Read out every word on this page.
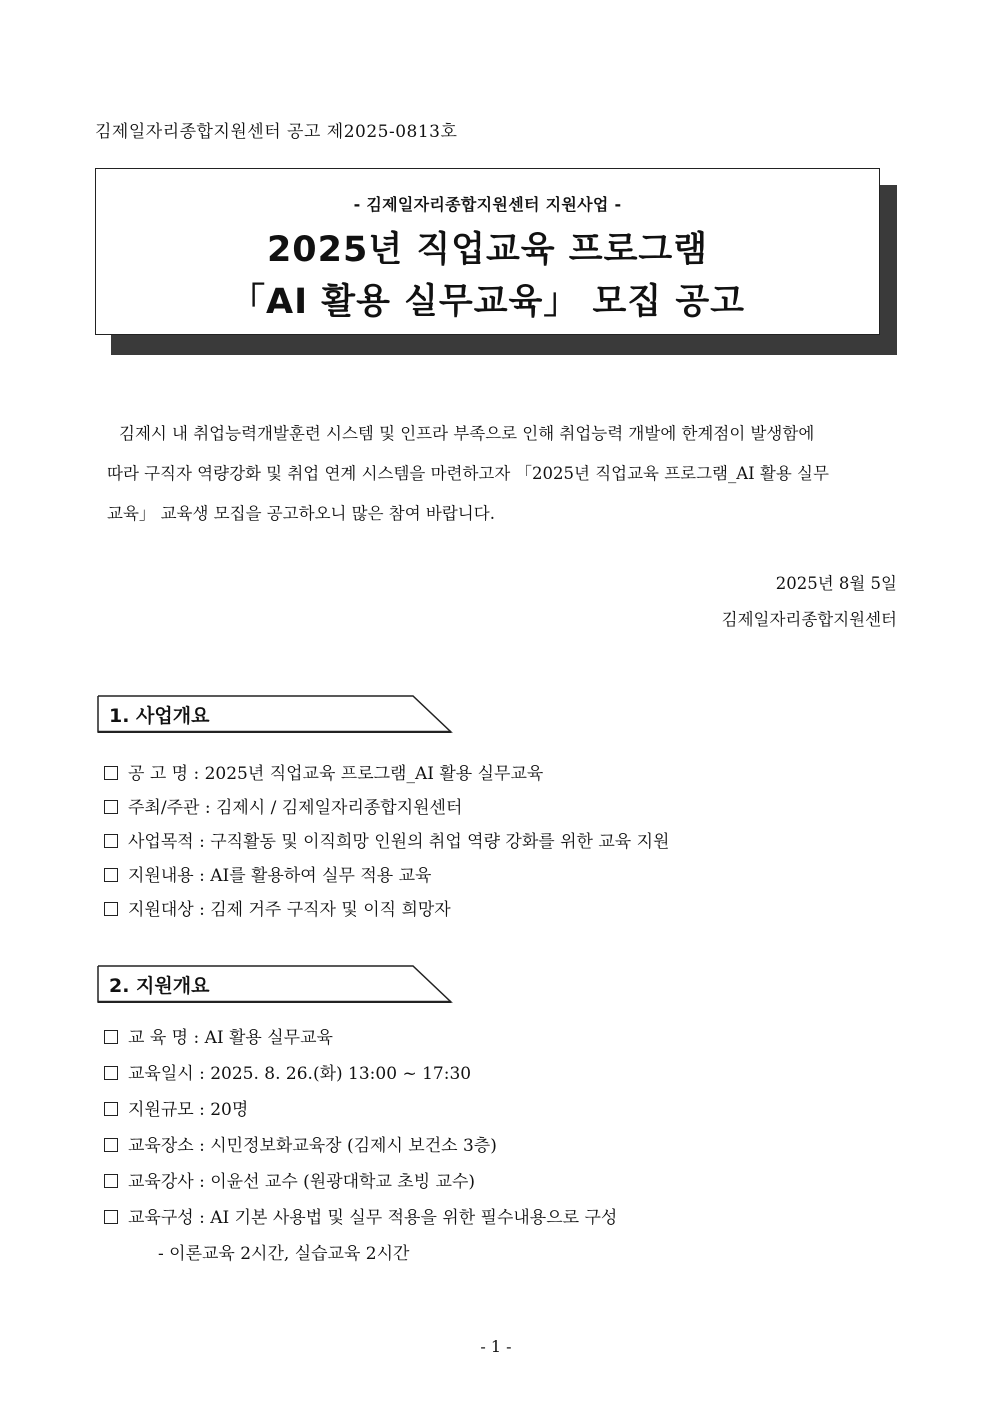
김제일자리종합지원센터 공고 제2025-0813호
- 김제일자리종합지원센터 지원사업 -
2025년 직업교육 프로그램
「AI 활용 실무교육」 모집 공고
김제시 내 취업능력개발훈련 시스템 및 인프라 부족으로 인해 취업능력 개발에 한계점이 발생함에
따라 구직자 역량강화 및 취업 연계 시스템을 마련하고자 「2025년 직업교육 프로그램_AI 활용 실무
교육」 교육생 모집을 공고하오니 많은 참여 바랍니다.
2025년 8월 5일
김제일자리종합지원센터
1. 사업개요
공 고 명 : 2025년 직업교육 프로그램_AI 활용 실무교육
주최/주관 : 김제시 / 김제일자리종합지원센터
사업목적 : 구직활동 및 이직희망 인원의 취업 역량 강화를 위한 교육 지원
지원내용 : AI를 활용하여 실무 적용 교육
지원대상 : 김제 거주 구직자 및 이직 희망자
2. 지원개요
교 육 명 : AI 활용 실무교육
교육일시 : 2025. 8. 26.(화) 13:00 ~ 17:30
지원규모 : 20명
교육장소 : 시민정보화교육장 (김제시 보건소 3층)
교육강사 : 이윤선 교수 (원광대학교 초빙 교수)
교육구성 : AI 기본 사용법 및 실무 적용을 위한 필수내용으로 구성
- 이론교육 2시간, 실습교육 2시간
- 1 -
